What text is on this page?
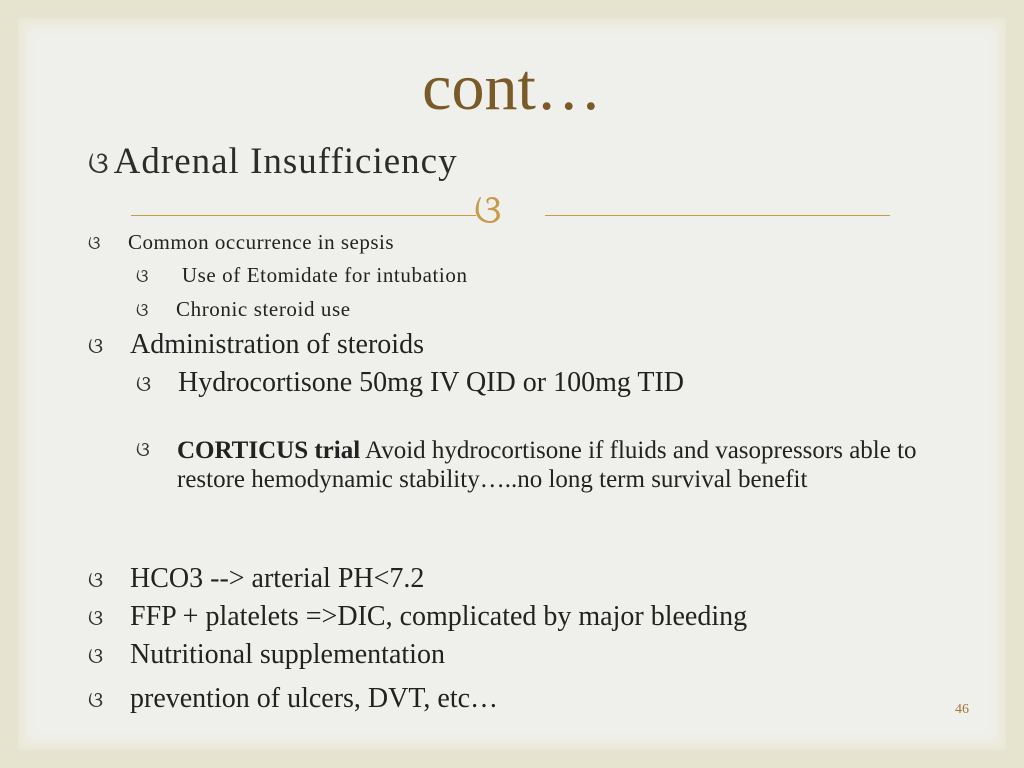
cont…
ଓ Adrenal Insufficiency
ଓ
ଓ Common occurrence in sepsis
ଓ Use of Etomidate for intubation
ଓ Chronic steroid use
ଓ Administration of steroids
ଓ Hydrocortisone 50mg IV QID or 100mg TID
ଓ CORTICUS trial Avoid hydrocortisone if fluids and vasopressors able to restore hemodynamic stability…..no long term survival benefit
ଓ HCO3 --> arterial PH<7.2
ଓ FFP + platelets =>DIC, complicated by major bleeding
ଓ Nutritional supplementation
ଓ prevention of ulcers, DVT, etc…	46
